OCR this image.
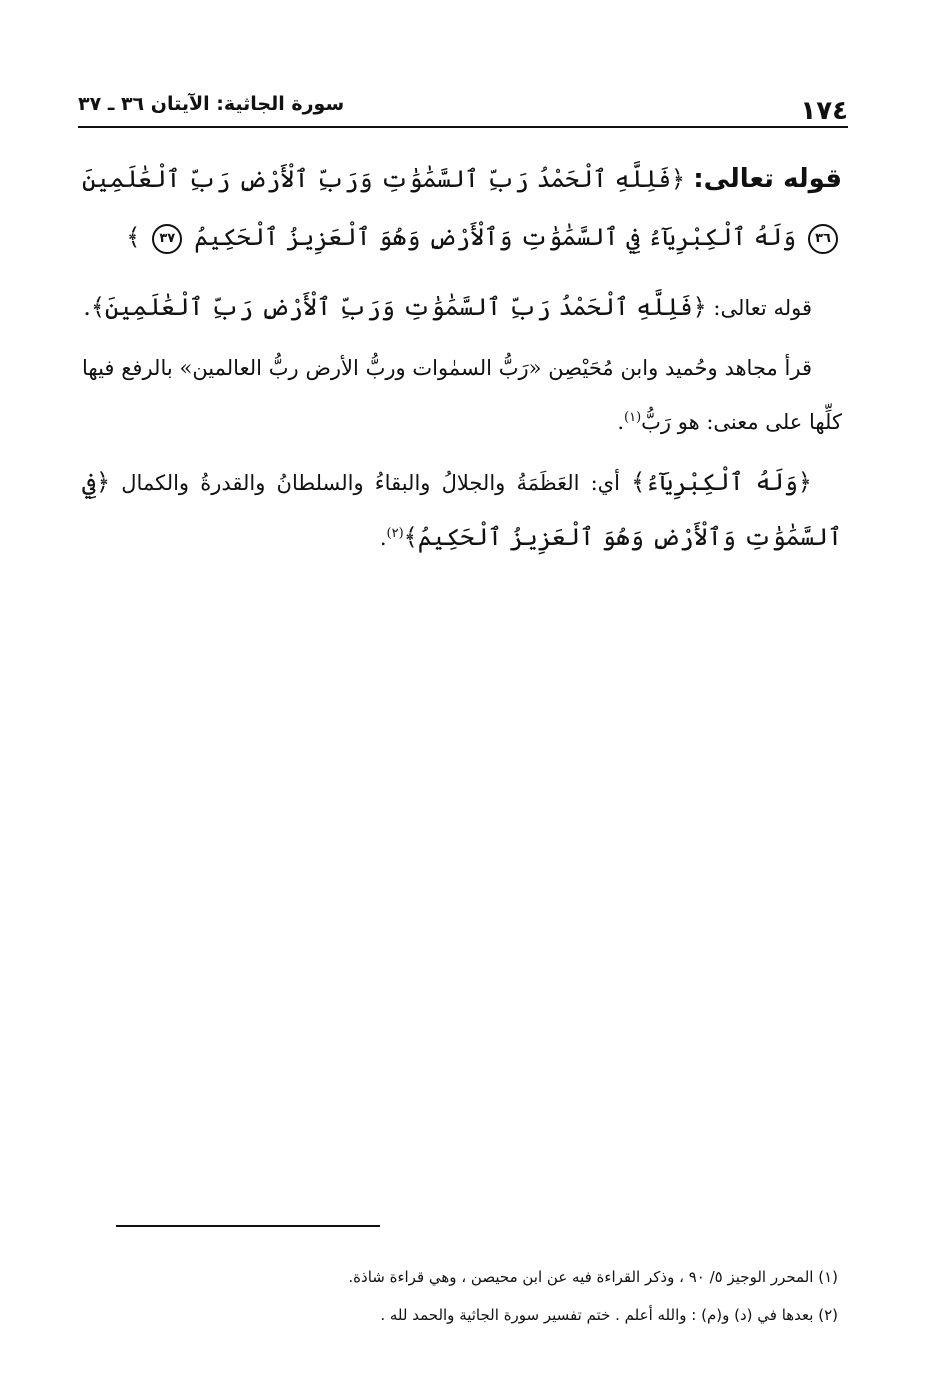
١٧٤
سورة الجاثية: الآيتان ٣٦ ـ ٣٧

قوله تعالى: ﴿فَلِلَّهِ ٱلْحَمْدُ رَبِّ ٱلسَّمَٰوَٰتِ وَرَبِّ ٱلْأَرْضِ رَبِّ ٱلْعَٰلَمِينَ ٣٦ وَلَهُ ٱلْكِبْرِيَآءُ فِي ٱلسَّمَٰوَٰتِ وَٱلْأَرْضِ وَهُوَ ٱلْعَزِيزُ ٱلْحَكِيمُ ٣٧ ﴾

قوله تعالى: ﴿فَلِلَّهِ ٱلْحَمْدُ رَبِّ ٱلسَّمَٰوَٰتِ وَرَبِّ ٱلْأَرْضِ رَبِّ ٱلْعَٰلَمِينَ﴾.

قرأ مجاهد وحُميد وابن مُحَيْصِن «رَبُّ السمٰوات وربُّ الأرض ربُّ العالمين» بالرفع فيها كلِّها على معنى: هو رَبُّ$^{(١)}$.

﴿وَلَهُ ٱلْكِبْرِيَآءُ﴾ أي: العَظَمَةُ والجلالُ والبقاءُ والسلطانُ والقدرةُ والكمال ﴿فِي ٱلسَّمَٰوَٰتِ وَٱلْأَرْضِ وَهُوَ ٱلْعَزِيزُ ٱلْحَكِيمُ﴾$^{(٢)}$.

(١) المحرر الوجيز ٥/ ٩٠ ، وذكر القراءة فيه عن ابن محيصن ، وهي قراءة شاذة.

(٢) بعدها في (د) و(م) : والله أعلم . ختم تفسير سورة الجاثية والحمد لله .
